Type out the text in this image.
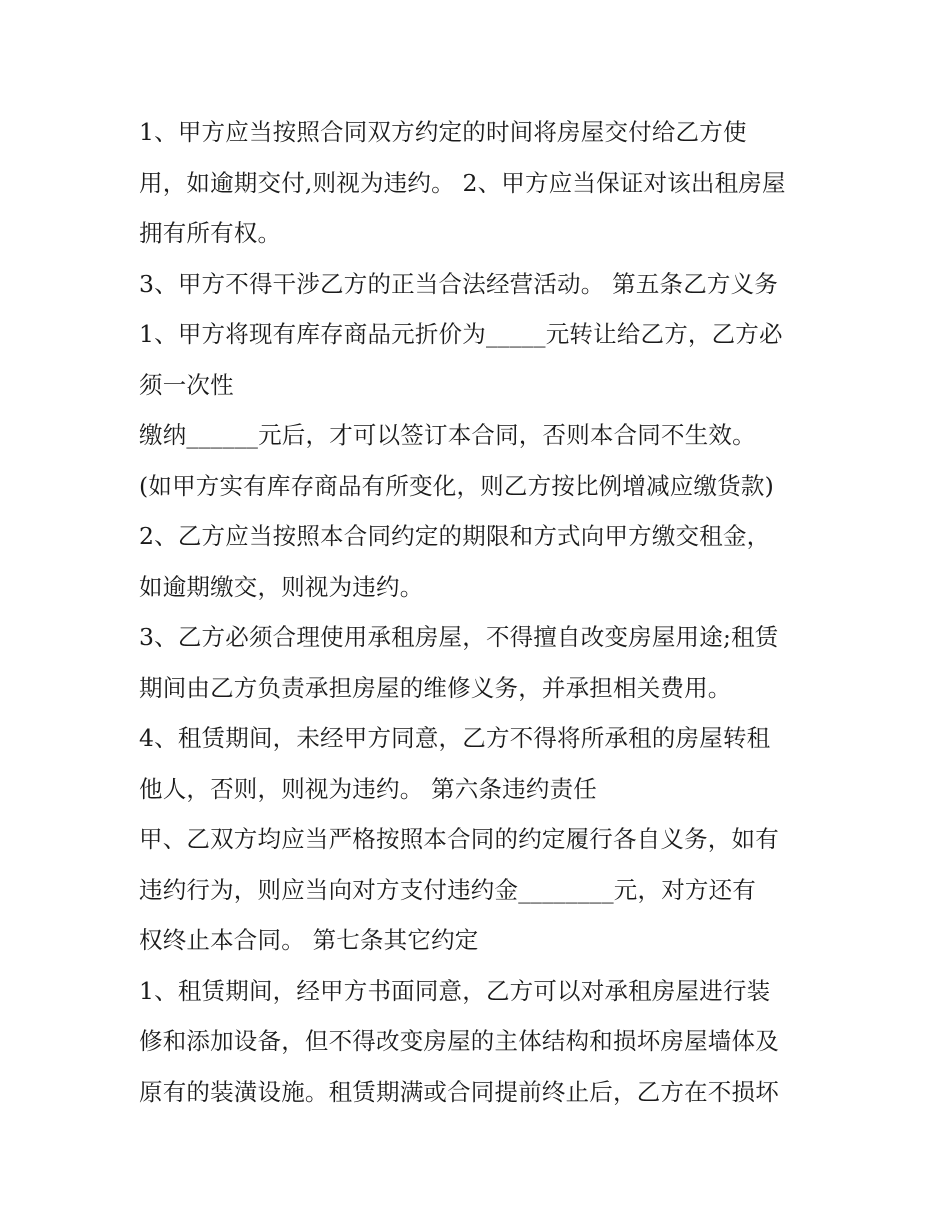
1、甲方应当按照合同双方约定的时间将房屋交付给乙方使
用，如逾期交付,则视为违约。 2、甲方应当保证对该出租房屋
拥有所有权。
3、甲方不得干涉乙方的正当合法经营活动。 第五条乙方义务
1、甲方将现有库存商品元折价为_____元转让给乙方，乙方必
须一次性
缴纳______元后，才可以签订本合同，否则本合同不生效。
(如甲方实有库存商品有所变化，则乙方按比例增减应缴货款)
2、乙方应当按照本合同约定的期限和方式向甲方缴交租金，
如逾期缴交，则视为违约。
3、乙方必须合理使用承租房屋，不得擅自改变房屋用途;租赁
期间由乙方负责承担房屋的维修义务，并承担相关费用。
4、租赁期间，未经甲方同意，乙方不得将所承租的房屋转租
他人，否则，则视为违约。 第六条违约责任
甲、乙双方均应当严格按照本合同的约定履行各自义务，如有
违约行为，则应当向对方支付违约金________元，对方还有
权终止本合同。 第七条其它约定
1、租赁期间，经甲方书面同意，乙方可以对承租房屋进行装
修和添加设备，但不得改变房屋的主体结构和损坏房屋墙体及
原有的装潢设施。租赁期满或合同提前终止后，乙方在不损坏
